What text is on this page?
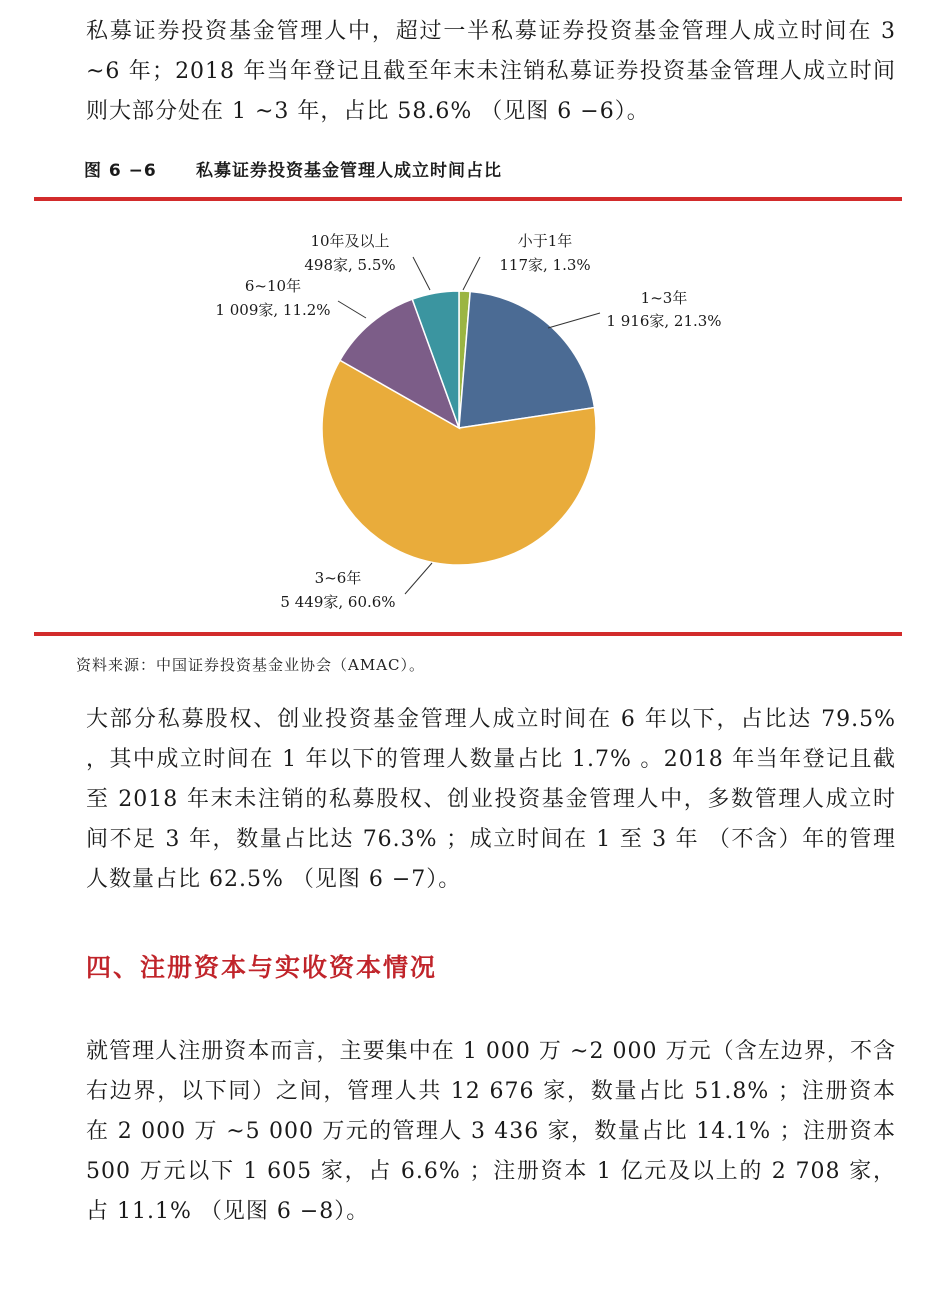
私募证券投资基金管理人中，超过一半私募证券投资基金管理人成立时间在 3 ~6 年；2018 年当年登记且截至年末未注销私募证券投资基金管理人成立时间则大部分处在 1 ~3 年，占比 58.6% （见图 6 −6）。

图 6 −6 私募证券投资基金管理人成立时间占比
小于1年
117家, 1.3%
1~3年
1 916家, 21.3%
3~6年
5 449家, 60.6%
6~10年
1 009家, 11.2%
10年及以上
498家, 5.5%
资料来源：中国证券投资基金业协会（AMAC）。

大部分私募股权、创业投资基金管理人成立时间在 6 年以下，占比达 79.5% ，其中成立时间在 1 年以下的管理人数量占比 1.7% 。2018 年当年登记且截至 2018 年末未注销的私募股权、创业投资基金管理人中，多数管理人成立时间不足 3 年，数量占比达 76.3% ；成立时间在 1 至 3 年 （不含）年的管理人数量占比 62.5% （见图 6 −7）。

四、注册资本与实收资本情况

就管理人注册资本而言，主要集中在 1 000 万 ~2 000 万元（含左边界，不含右边界，以下同）之间，管理人共 12 676 家，数量占比 51.8% ；注册资本在 2 000 万 ~5 000 万元的管理人 3 436 家，数量占比 14.1% ；注册资本 500 万元以下 1 605 家，占 6.6% ；注册资本 1 亿元及以上的 2 708 家，占 11.1% （见图 6 −8）。
